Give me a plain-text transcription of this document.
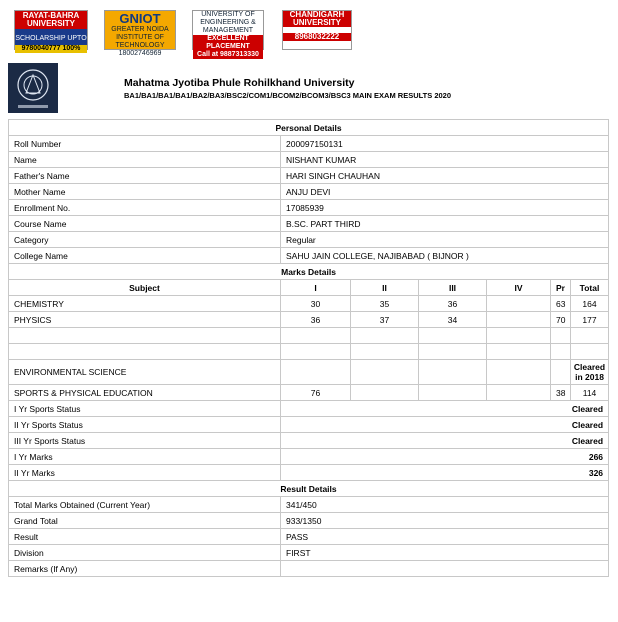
RAYAT-BAHRA UNIVERSITY
SCHOLARSHIP UPTO
9780040777 100%
GNIOT
GREATER NOIDA INSTITUTE OF TECHNOLOGY
18002746969
UNIVERSITY OF ENGINEERING & MANAGEMENT
EXCELLENT PLACEMENT
Call at 9887313330
CHANDIGARH UNIVERSITY
8968032222
Mahatma Jyotiba Phule Rohilkhand University
BA1/BA1/BA1/BA1/BA2/BA3/BSC2/COM1/BCOM2/BCOM3/BSC3 MAIN EXAM RESULTS 2020
Personal Details						
Roll Number	200097150131					
Name	NISHANT KUMAR					
Father's Name	HARI SINGH CHAUHAN					
Mother Name	ANJU DEVI					
Enrollment No.	17085939					
Course Name	B.SC. PART THIRD					
Category	Regular					
College Name	SAHU JAIN COLLEGE, NAJIBABAD ( BIJNOR )					
Marks Details						
Subject	I	II	III	IV	Pr	Total
CHEMISTRY	30	35	36		63	164
PHYSICS	36	37	34		70	177

ENVIRONMENTAL SCIENCE						Cleared in 2018
SPORTS & PHYSICAL EDUCATION	76				38	114
I Yr Sports Status	Cleared					
II Yr Sports Status	Cleared					
III Yr Sports Status	Cleared					
I Yr Marks	266					
II Yr Marks	326					
Result Details						
Total Marks Obtained (Current Year)	341/450					
Grand Total	933/1350					
Result	PASS					
Division	FIRST					
Remarks (If Any)						
